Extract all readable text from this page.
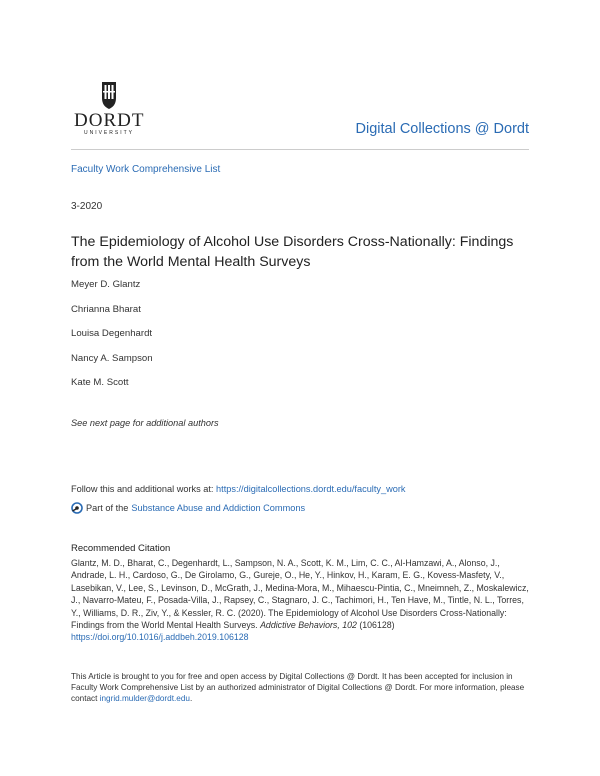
DORDT
UNIVERSITY	Digital Collections @ Dordt
Faculty Work Comprehensive List
3-2020
The Epidemiology of Alcohol Use Disorders Cross-Nationally: Findings from the World Mental Health Surveys
Meyer D. Glantz
Chrianna Bharat
Louisa Degenhardt
Nancy A. Sampson
Kate M. Scott
See next page for additional authors
Follow this and additional works at: https://digitalcollections.dordt.edu/faculty_work
Part of the Substance Abuse and Addiction Commons
Recommended Citation
Glantz, M. D., Bharat, C., Degenhardt, L., Sampson, N. A., Scott, K. M., Lim, C. C., Al-Hamzawi, A., Alonso, J., Andrade, L. H., Cardoso, G., De Girolamo, G., Gureje, O., He, Y., Hinkov, H., Karam, E. G., Kovess-Masfety, V., Lasebikan, V., Lee, S., Levinson, D., McGrath, J., Medina-Mora, M., Mihaescu-Pintia, C., Mneimneh, Z., Moskalewicz, J., Navarro-Mateu, F., Posada-Villa, J., Rapsey, C., Stagnaro, J. C., Tachimori, H., Ten Have, M., Tintle, N. L., Torres, Y., Williams, D. R., Ziv, Y., & Kessler, R. C. (2020). The Epidemiology of Alcohol Use Disorders Cross-Nationally: Findings from the World Mental Health Surveys. Addictive Behaviors, 102 (106128) https://doi.org/10.1016/j.addbeh.2019.106128
This Article is brought to you for free and open access by Digital Collections @ Dordt. It has been accepted for inclusion in Faculty Work Comprehensive List by an authorized administrator of Digital Collections @ Dordt. For more information, please contact ingrid.mulder@dordt.edu.
